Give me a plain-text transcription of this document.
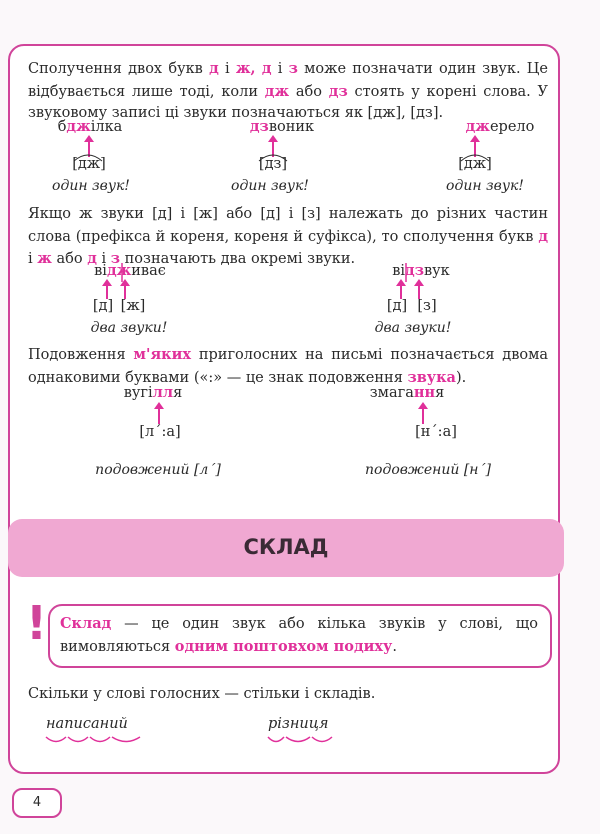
Сполучення двох букв д і ж, д і з може позначати один звук. Це відбувається лише тоді, коли дж або дз стоять у корені слова. У звуковому записі ці звуки позначаються як [дж], [дз].
бджілка
[дж]
один звук!
дзвоник
[дз]
один звук!
джерело
[дж]
один звук!
Якщо ж звуки [д] і [ж] або [д] і [з] належать до різних частин слова (префікса й кореня, кореня й суфікса), то сполучення букв д і ж або д і з позначають два окремі звуки.
відживає
[д] [ж]
два звуки!
відзвук
[д] [з]
два звуки!
Подовження м'яких приголосних на письмі позначається двома однаковими буквами («:» — це знак подовження звука).
вугілля
[л΄:а]
подовжений [л΄]
змагання
[н΄:а]
подовжений [н΄]
СКЛАД
! Склад — це один звук або кілька звуків у слові, що вимовляються одним поштовхом подиху.
Скільки у слові голосних — стільки і складів.
написаний	різниця
4
